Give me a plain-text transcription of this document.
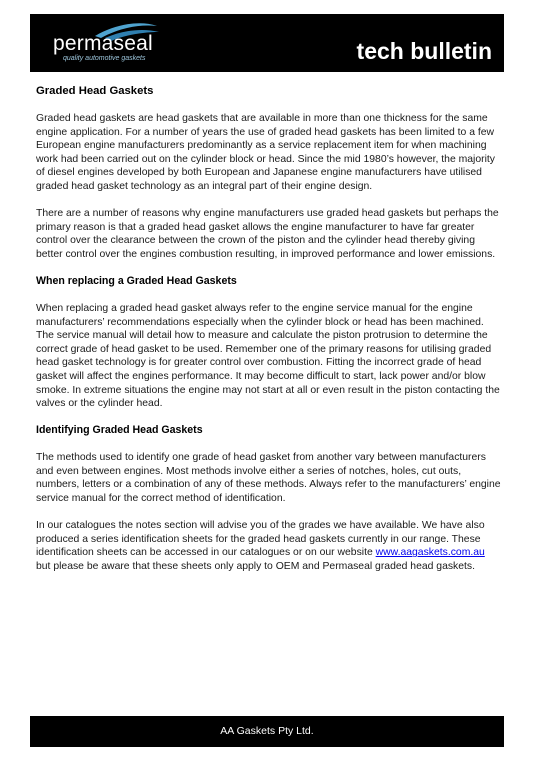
permaseal
quality automotive gaskets	tech bulletin
Graded Head Gaskets

Graded head gaskets are head gaskets that are available in more than one thickness for the same engine application. For a number of years the use of graded head gaskets has been limited to a few European engine manufacturers predominantly as a service replacement item for when machining work had been carried out on the cylinder block or head. Since the mid 1980’s however, the majority of diesel engines developed by both European and Japanese engine manufacturers have utilised graded head gasket technology as an integral part of their engine design.

There are a number of reasons why engine manufacturers use graded head gaskets but perhaps the primary reason is that a graded head gasket allows the engine manufacturer to have far greater control over the clearance between the crown of the piston and the cylinder head thereby giving better control over the engines combustion resulting, in improved performance and lower emissions.

When replacing a Graded Head Gaskets

When replacing a graded head gasket always refer to the engine service manual for the engine manufacturers’ recommendations especially when the cylinder block or head has been machined. The service manual will detail how to measure and calculate the piston protrusion to determine the correct grade of head gasket to be used. Remember one of the primary reasons for utilising graded head gasket technology is for greater control over combustion. Fitting the incorrect grade of head gasket will affect the engines performance. It may become difficult to start, lack power and/or blow smoke. In extreme situations the engine may not start at all or even result in the piston contacting the valves or the cylinder head.

Identifying Graded Head Gaskets

The methods used to identify one grade of head gasket from another vary between manufacturers and even between engines. Most methods involve either a series of notches, holes, cut outs, numbers, letters or a combination of any of these methods. Always refer to the manufacturers’ engine service manual for the correct method of identification.

In our catalogues the notes section will advise you of the grades we have available. We have also produced a series identification sheets for the graded head gaskets currently in our range. These identification sheets can be accessed in our catalogues or on our website www.aagaskets.com.au but please be aware that these sheets only apply to OEM and Permaseal graded head gaskets.

AA Gaskets Pty Ltd.
